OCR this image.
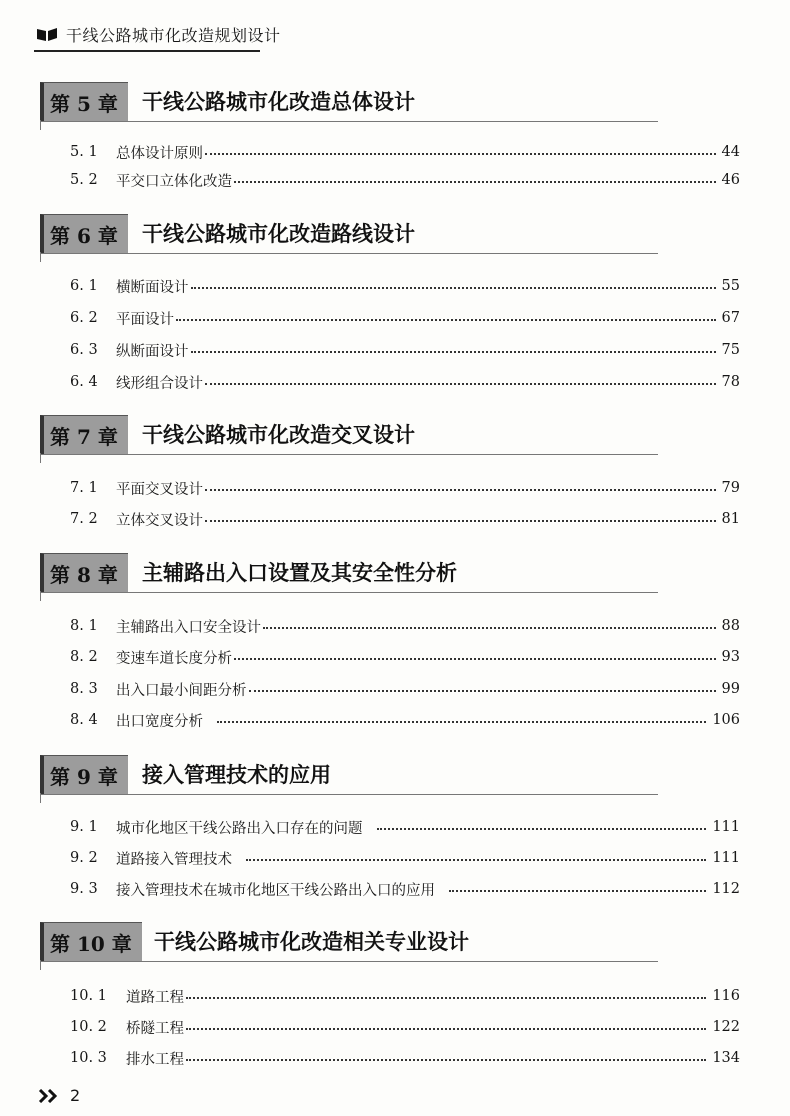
干线公路城市化改造规划设计
第 5 章	干线公路城市化改造总体设计
5. 1	总体设计原则	44
5. 2	平交口立体化改造	46
第 6 章	干线公路城市化改造路线设计
6. 1	横断面设计	55
6. 2	平面设计	67
6. 3	纵断面设计	75
6. 4	线形组合设计	78
第 7 章	干线公路城市化改造交叉设计
7. 1	平面交叉设计	79
7. 2	立体交叉设计	81
第 8 章	主辅路出入口设置及其安全性分析
8. 1	主辅路出入口安全设计	88
8. 2	变速车道长度分析	93
8. 3	出入口最小间距分析	99
8. 4	出口宽度分析	106
第 9 章	接入管理技术的应用
9. 1	城市化地区干线公路出入口存在的问题	111
9. 2	道路接入管理技术	111
9. 3	接入管理技术在城市化地区干线公路出入口的应用	112
第 10 章	干线公路城市化改造相关专业设计
10. 1	道路工程	116
10. 2	桥隧工程	122
10. 3	排水工程	134
2
